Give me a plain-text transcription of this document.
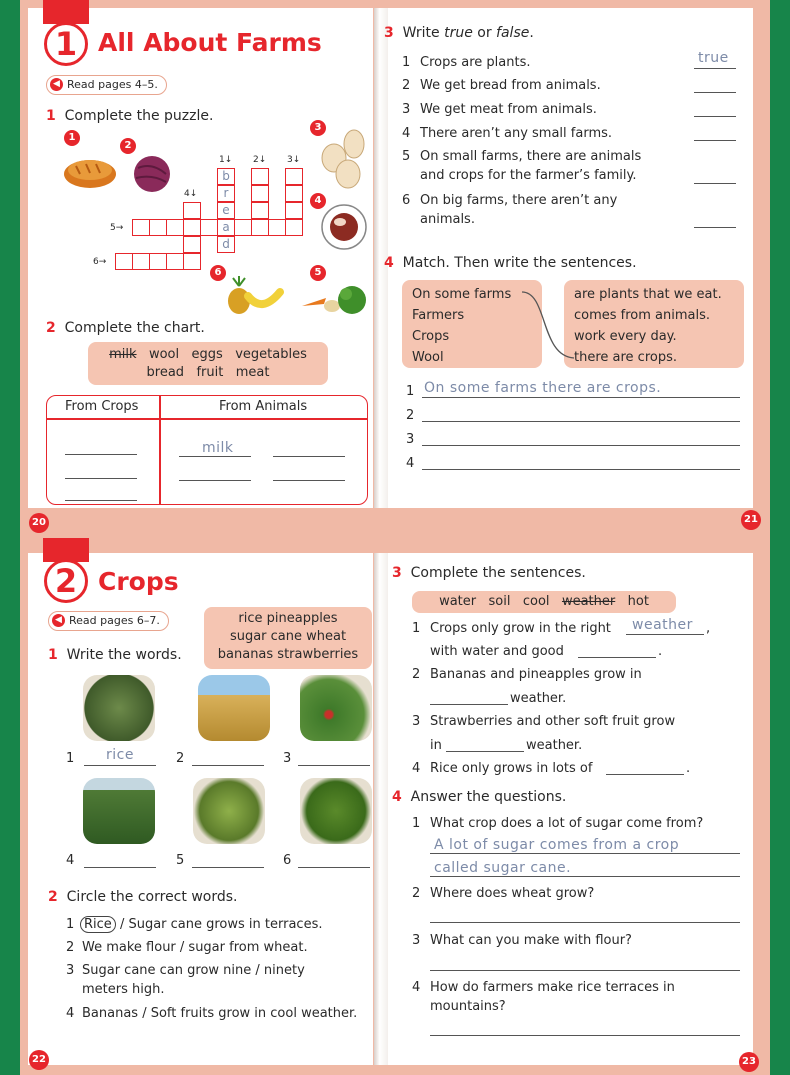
1 All About Farms
◀ Read pages 4–5.
1 Complete the puzzle.
1
2
3
4
6	5
1↓ 2↓ 3↓
4↓
5→
6→
b
r
e
a
d
2 Complete the chart.
milk wool eggs vegetables
bread fruit meat
From Crops	From Animals
milk
3 Write true or false.
1 Crops are plants.	true
2 We get bread from animals.
3 We get meat from animals.
4 There aren’t any small farms.
5 On small farms, there are animals
and crops for the farmer’s family.
6 On big farms, there aren’t any
animals.
4 Match. Then write the sentences.
On some farms
Farmers
Crops
Wool
are plants that we eat.
comes from animals.
work every day.
there are crops.
1 On some farms there are crops.
2
3
4
20	21
2 Crops
◀ Read pages 6–7.	rice pineapples
sugar cane wheat
bananas strawberries
1 Write the words.
1 rice	2	3
4	5	6
2 Circle the correct words.
1 Rice / Sugar cane grows in terraces.
2 We make flour / sugar from wheat.
3 Sugar cane can grow nine / ninety
meters high.
4 Bananas / Soft fruits grow in cool weather.
3 Complete the sentences.
water soil cool weather hot
1 Crops only grow in the right weather ,
with water and good	.
2 Bananas and pineapples grow in
weather.
3 Strawberries and other soft fruit grow
in	weather.
4 Rice only grows in lots of	.
4 Answer the questions.
1 What crop does a lot of sugar come from?
A lot of sugar comes from a crop
called sugar cane.
2 Where does wheat grow?
3 What can you make with flour?
4 How do farmers make rice terraces in
mountains?
22	23
